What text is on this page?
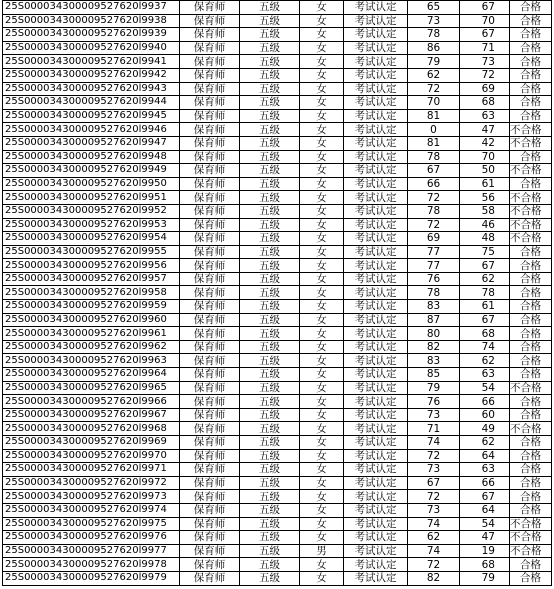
25S000034300009527620l9937	保育师	五级	女	考试认定	65	67	合格
25S000034300009527620l9938	保育师	五级	女	考试认定	73	70	合格
25S000034300009527620l9939	保育师	五级	女	考试认定	78	67	合格
25S000034300009527620l9940	保育师	五级	女	考试认定	86	71	合格
25S000034300009527620l9941	保育师	五级	女	考试认定	79	73	合格
25S000034300009527620l9942	保育师	五级	女	考试认定	62	72	合格
25S000034300009527620l9943	保育师	五级	女	考试认定	72	69	合格
25S000034300009527620l9944	保育师	五级	女	考试认定	70	68	合格
25S000034300009527620l9945	保育师	五级	女	考试认定	81	63	合格
25S000034300009527620l9946	保育师	五级	女	考试认定	0	47	不合格
25S000034300009527620l9947	保育师	五级	女	考试认定	81	42	不合格
25S000034300009527620l9948	保育师	五级	女	考试认定	78	70	合格
25S000034300009527620l9949	保育师	五级	女	考试认定	67	50	不合格
25S000034300009527620l9950	保育师	五级	女	考试认定	66	61	合格
25S000034300009527620l9951	保育师	五级	女	考试认定	72	56	不合格
25S000034300009527620l9952	保育师	五级	女	考试认定	78	58	不合格
25S000034300009527620l9953	保育师	五级	女	考试认定	72	46	不合格
25S000034300009527620l9954	保育师	五级	女	考试认定	69	48	不合格
25S000034300009527620l9955	保育师	五级	女	考试认定	77	75	合格
25S000034300009527620l9956	保育师	五级	女	考试认定	77	67	合格
25S000034300009527620l9957	保育师	五级	女	考试认定	76	62	合格
25S000034300009527620l9958	保育师	五级	女	考试认定	78	78	合格
25S000034300009527620l9959	保育师	五级	女	考试认定	83	61	合格
25S000034300009527620l9960	保育师	五级	女	考试认定	87	67	合格
25S000034300009527620l9961	保育师	五级	女	考试认定	80	68	合格
25S000034300009527620l9962	保育师	五级	女	考试认定	82	74	合格
25S000034300009527620l9963	保育师	五级	女	考试认定	83	62	合格
25S000034300009527620l9964	保育师	五级	女	考试认定	85	63	合格
25S000034300009527620l9965	保育师	五级	女	考试认定	79	54	不合格
25S000034300009527620l9966	保育师	五级	女	考试认定	76	66	合格
25S000034300009527620l9967	保育师	五级	女	考试认定	73	60	合格
25S000034300009527620l9968	保育师	五级	女	考试认定	71	49	不合格
25S000034300009527620l9969	保育师	五级	女	考试认定	74	62	合格
25S000034300009527620l9970	保育师	五级	女	考试认定	72	64	合格
25S000034300009527620l9971	保育师	五级	女	考试认定	73	63	合格
25S000034300009527620l9972	保育师	五级	女	考试认定	67	66	合格
25S000034300009527620l9973	保育师	五级	女	考试认定	72	67	合格
25S000034300009527620l9974	保育师	五级	女	考试认定	73	64	合格
25S000034300009527620l9975	保育师	五级	女	考试认定	74	54	不合格
25S000034300009527620l9976	保育师	五级	女	考试认定	62	47	不合格
25S000034300009527620l9977	保育师	五级	男	考试认定	74	19	不合格
25S000034300009527620l9978	保育师	五级	女	考试认定	72	68	合格
25S000034300009527620l9979	保育师	五级	女	考试认定	82	79	合格
